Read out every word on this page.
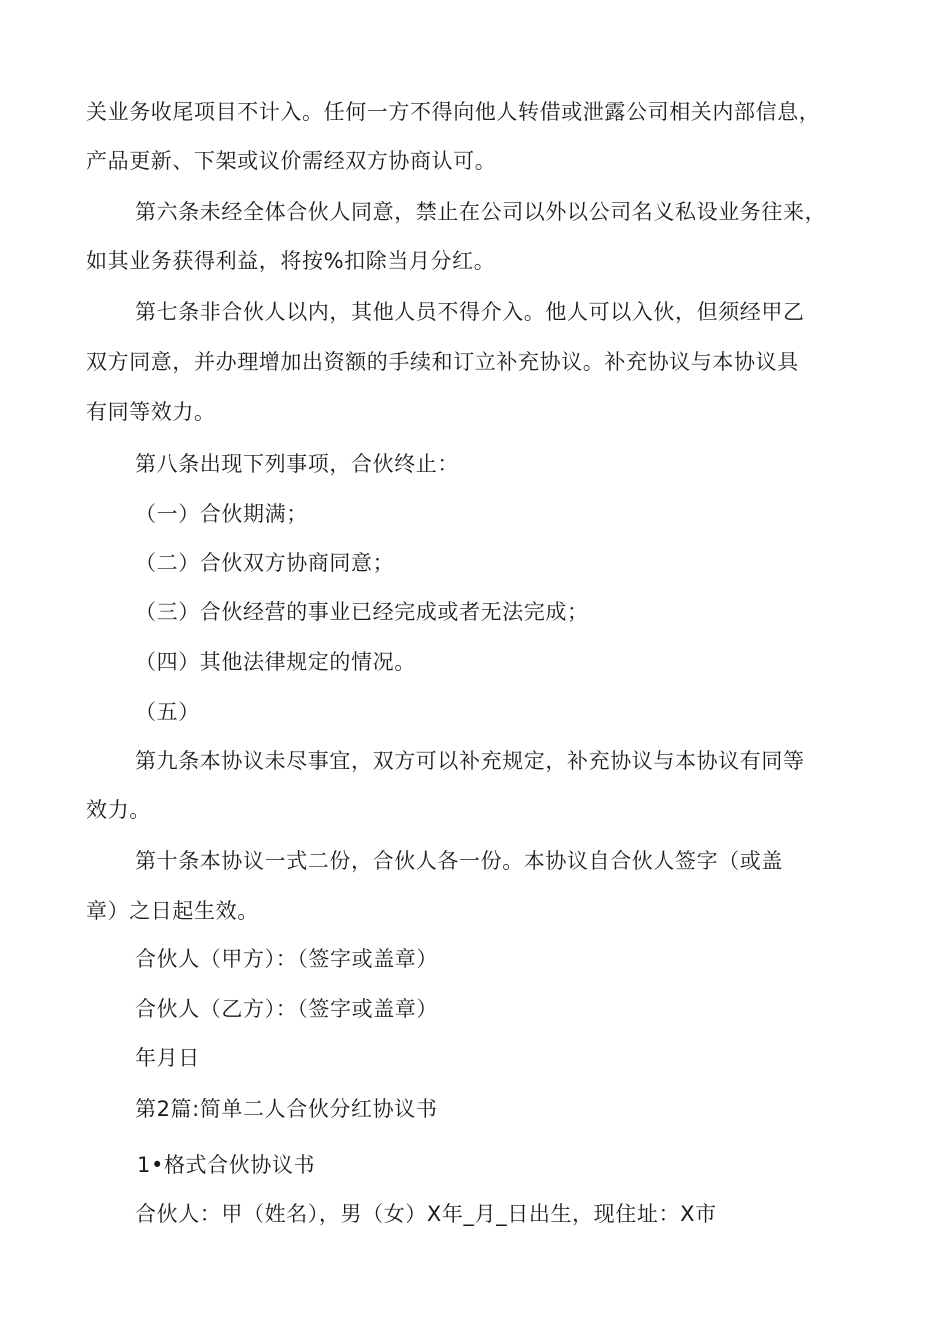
关业务收尾项目不计入。任何一方不得向他人转借或泄露公司相关内部信息，
产品更新、下架或议价需经双方协商认可。
第六条未经全体合伙人同意，禁止在公司以外以公司名义私设业务往来，
如其业务获得利益，将按%扣除当月分红。
第七条非合伙人以内，其他人员不得介入。他人可以入伙，但须经甲乙
双方同意，并办理增加出资额的手续和订立补充协议。补充协议与本协议具
有同等效力。
第八条出现下列事项，合伙终止：
（一）合伙期满；
（二）合伙双方协商同意；
（三）合伙经营的事业已经完成或者无法完成；
（四）其他法律规定的情况。
（五）
第九条本协议未尽事宜，双方可以补充规定，补充协议与本协议有同等
效力。
第十条本协议一式二份，合伙人各一份。本协议自合伙人签字（或盖
章）之日起生效。
合伙人（甲方）：（签字或盖章）
合伙人（乙方）：（签字或盖章）
年月日
第2篇:简单二人合伙分红协议书
1•格式合伙协议书
合伙人：甲（姓名），男（女）X年_月_日出生，现住址：X市
